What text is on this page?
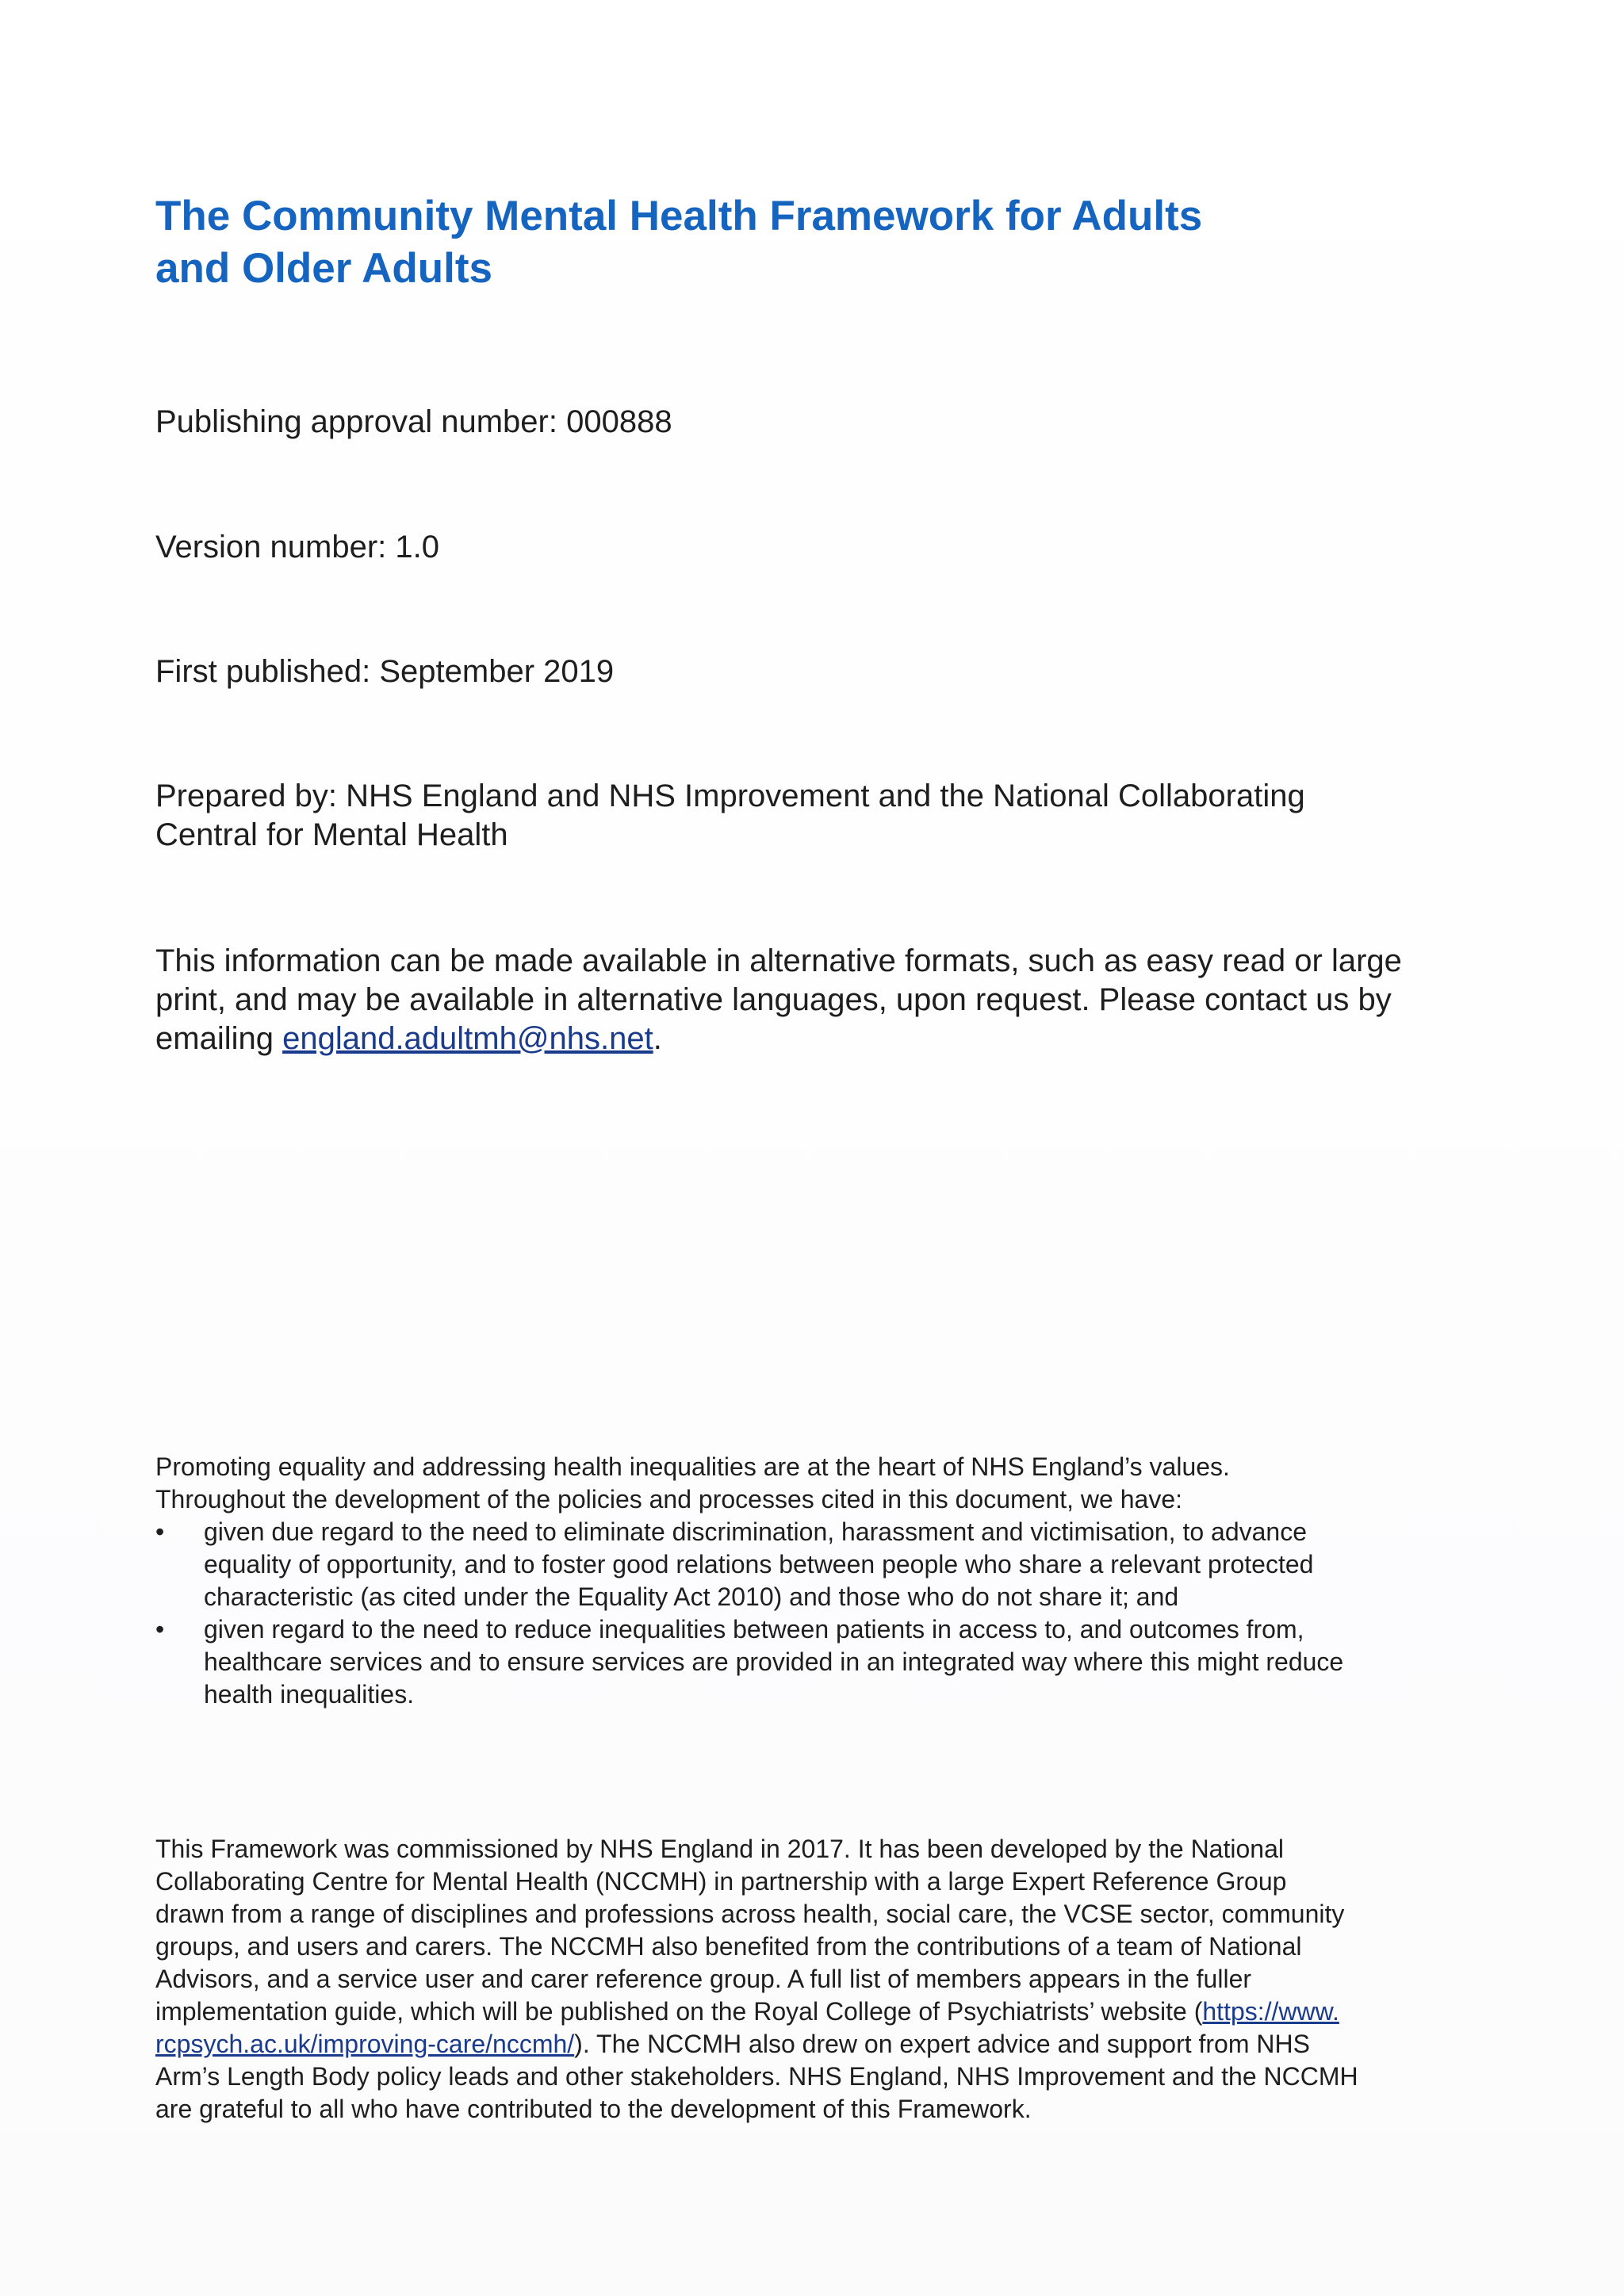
The Community Mental Health Framework for Adults
and Older Adults

Publishing approval number: 000888

Version number: 1.0

First published: September 2019

Prepared by: NHS England and NHS Improvement and the National Collaborating
Central for Mental Health

This information can be made available in alternative formats, such as easy read or large
print, and may be available in alternative languages, upon request. Please contact us by
emailing england.adultmh@nhs.net.

Promoting equality and addressing health inequalities are at the heart of NHS England’s values.
Throughout the development of the policies and processes cited in this document, we have:

• given due regard to the need to eliminate discrimination, harassment and victimisation, to advance
equality of opportunity, and to foster good relations between people who share a relevant protected
characteristic (as cited under the Equality Act 2010) and those who do not share it; and
• given regard to the need to reduce inequalities between patients in access to, and outcomes from,
healthcare services and to ensure services are provided in an integrated way where this might reduce
health inequalities.

This Framework was commissioned by NHS England in 2017. It has been developed by the National
Collaborating Centre for Mental Health (NCCMH) in partnership with a large Expert Reference Group
drawn from a range of disciplines and professions across health, social care, the VCSE sector, community
groups, and users and carers. The NCCMH also benefited from the contributions of a team of National
Advisors, and a service user and carer reference group. A full list of members appears in the fuller
implementation guide, which will be published on the Royal College of Psychiatrists’ website (https://www.
rcpsych.ac.uk/improving-care/nccmh/). The NCCMH also drew on expert advice and support from NHS
Arm’s Length Body policy leads and other stakeholders. NHS England, NHS Improvement and the NCCMH
are grateful to all who have contributed to the development of this Framework.
